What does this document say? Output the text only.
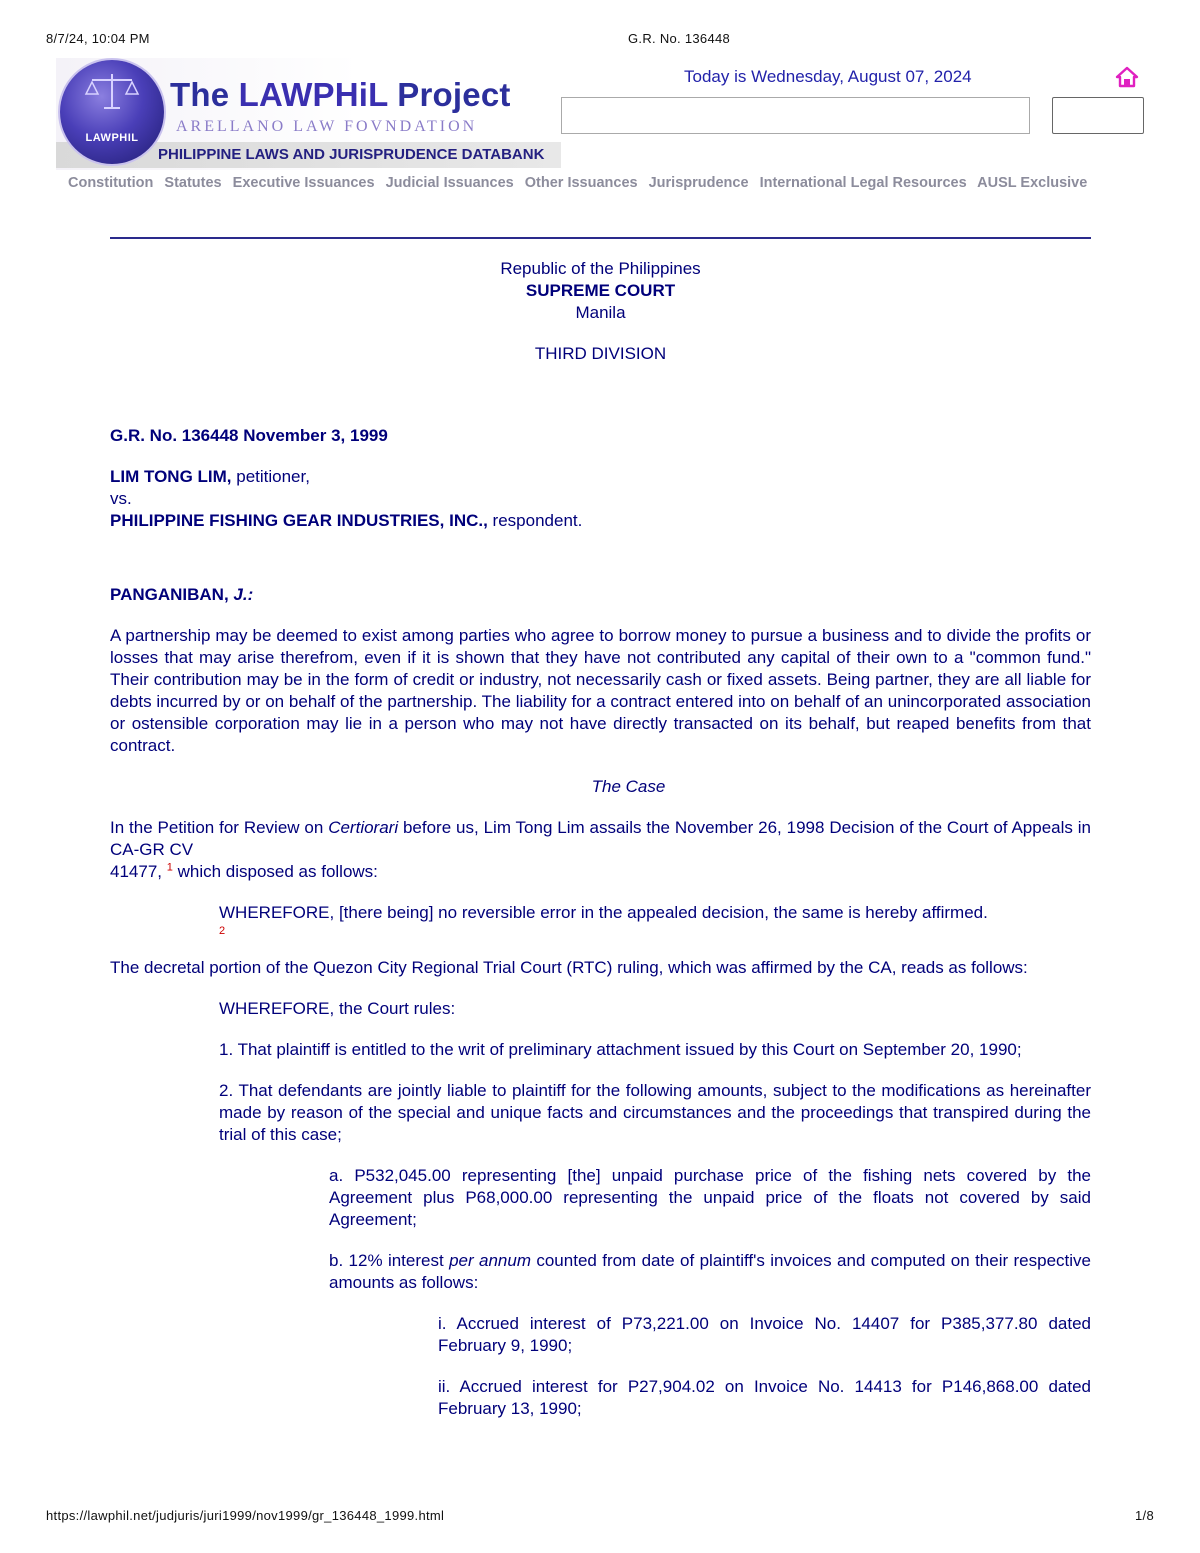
8/7/24, 10:04 PM	G.R. No. 136448
PHILIPPINE LAWS AND JURISPRUDENCE DATABANK
LAWPHIL
The LAWPHiL Project
ARELLANO LAW FOVNDATION
Today is Wednesday, August 07, 2024
Constitution Statutes Executive Issuances Judicial Issuances Other Issuances Jurisprudence International Legal Resources AUSL Exclusive
Republic of the Philippines
SUPREME COURT
Manila
THIRD DIVISION
G.R. No. 136448 November 3, 1999
LIM TONG LIM, petitioner,
vs.
PHILIPPINE FISHING GEAR INDUSTRIES, INC., respondent.
PANGANIBAN, J.:

A partnership may be deemed to exist among parties who agree to borrow money to pursue a business and to divide the profits or losses that may arise therefrom, even if it is shown that they have not contributed any capital of their own to a "common fund." Their contribution may be in the form of credit or industry, not necessarily cash or fixed assets. Being partner, they are all liable for debts incurred by or on behalf of the partnership. The liability for a contract entered into on behalf of an unincorporated association or ostensible corporation may lie in a person who may not have directly transacted on its behalf, but reaped benefits from that contract.

The Case

In the Petition for Review on Certiorari before us, Lim Tong Lim assails the November 26, 1998 Decision of the Court of Appeals in CA-GR CV
41477, $^1$ which disposed as follows:

WHEREFORE, [there being] no reversible error in the appealed decision, the same is hereby affirmed.
$^2$

The decretal portion of the Quezon City Regional Trial Court (RTC) ruling, which was affirmed by the CA, reads as follows:

WHEREFORE, the Court rules:

1. That plaintiff is entitled to the writ of preliminary attachment issued by this Court on September 20, 1990;

2. That defendants are jointly liable to plaintiff for the following amounts, subject to the modifications as hereinafter made by reason of the special and unique facts and circumstances and the proceedings that transpired during the trial of this case;

a. P532,045.00 representing [the] unpaid purchase price of the fishing nets covered by the Agreement plus P68,000.00 representing the unpaid price of the floats not covered by said Agreement;

b. 12% interest per annum counted from date of plaintiff's invoices and computed on their respective amounts as follows:

i. Accrued interest of P73,221.00 on Invoice No. 14407 for P385,377.80 dated February 9, 1990;

ii. Accrued interest for P27,904.02 on Invoice No. 14413 for P146,868.00 dated February 13, 1990;

https://lawphil.net/judjuris/juri1999/nov1999/gr_136448_1999.html	1/8
